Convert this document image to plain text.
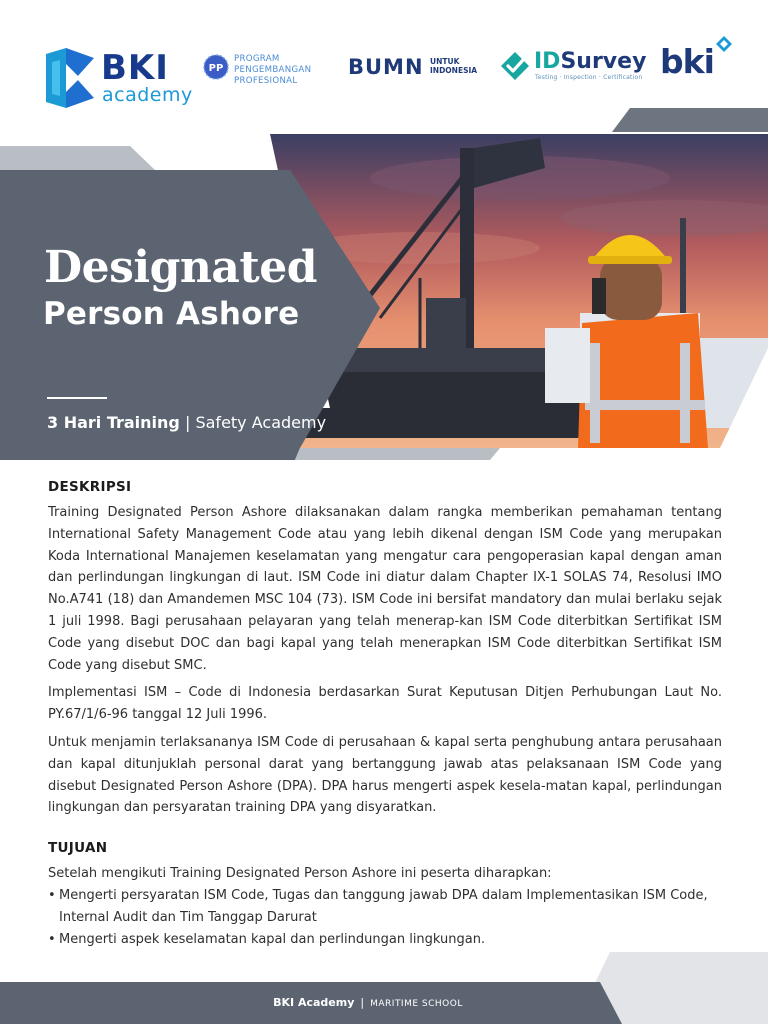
BKI
academy
PP
PROGRAM
PENGEMBANGAN
PROFESIONAL
BUMN UNTUK
INDONESIA	IDSurvey
Testing · Inspection · Certification bki
Designated
Person Ashore
3 Hari Training | Safety Academy
DESKRIPSI

Training Designated Person Ashore dilaksanakan dalam rangka memberikan pemahaman tentang International Safety Management Code atau yang lebih dikenal dengan ISM Code yang merupakan Koda International Manajemen keselamatan yang mengatur cara pengoperasian kapal dengan aman dan perlindungan lingkungan di laut. ISM Code ini diatur dalam Chapter IX-1 SOLAS 74, Resolusi IMO No.A741 (18) dan Amandemen MSC 104 (73). ISM Code ini bersifat mandatory dan mulai berlaku sejak 1 juli 1998. Bagi perusahaan pelayaran yang telah menerap-kan ISM Code diterbitkan Sertifikat ISM Code yang disebut DOC dan bagi kapal yang telah menerapkan ISM Code diterbitkan Sertifikat ISM Code yang disebut SMC.

Implementasi ISM – Code di Indonesia berdasarkan Surat Keputusan Ditjen Perhubungan Laut No. PY.67/1/6-96 tanggal 12 Juli 1996.

Untuk menjamin terlaksananya ISM Code di perusahaan & kapal serta penghubung antara perusahaan dan kapal ditunjuklah personal darat yang bertanggung jawab atas pelaksanaan ISM Code yang disebut Designated Person Ashore (DPA). DPA harus mengerti aspek kesela-matan kapal, perlindungan lingkungan dan persyaratan training DPA yang disyaratkan.

TUJUAN

Setelah mengikuti Training Designated Person Ashore ini peserta diharapkan:

• Mengerti persyaratan ISM Code, Tugas dan tanggung jawab DPA dalam Implementasikan ISM Code, Internal Audit dan Tim Tanggap Darurat
• Mengerti aspek keselamatan kapal dan perlindungan lingkungan.
BKI Academy | MARITIME SCHOOL
